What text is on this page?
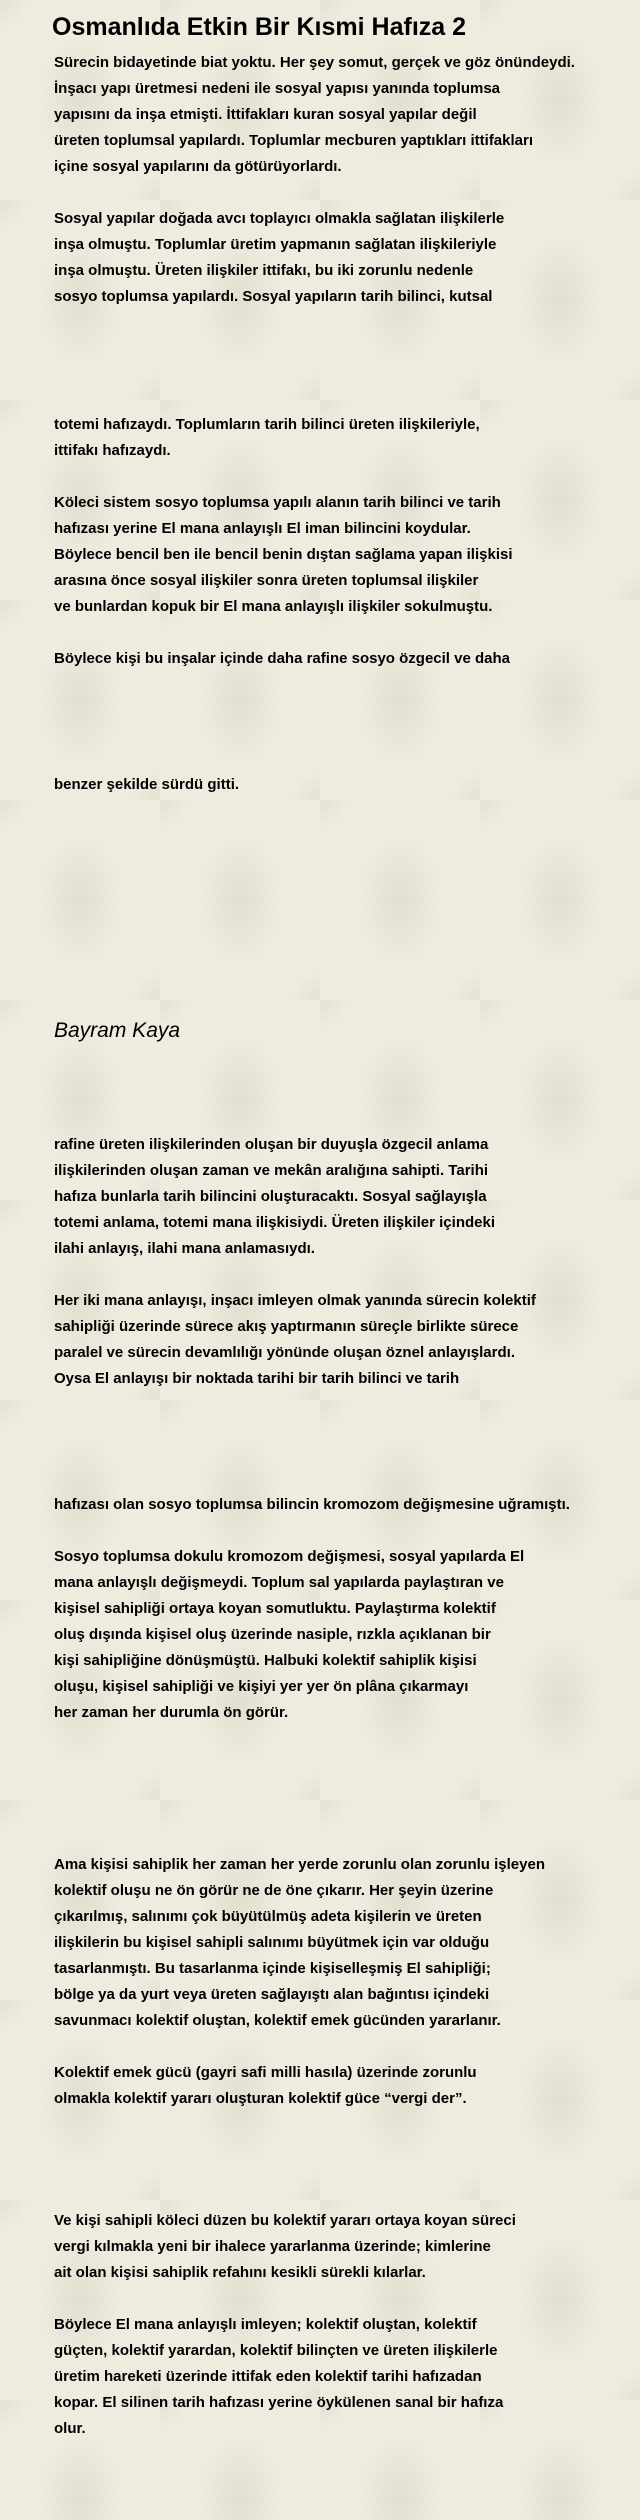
Osmanlıda Etkin Bir Kısmi Hafıza 2
Sürecin bidayetinde biat yoktu. Her şey somut, gerçek ve göz önündeydi.
İnşacı yapı üretmesi nedeni ile sosyal yapısı yanında toplumsa
yapısını da inşa etmişti. İttifakları kuran sosyal yapılar değil
üreten toplumsal yapılardı. Toplumlar mecburen yaptıkları ittifakları
içine sosyal yapılarını da götürüyorlardı.
Sosyal yapılar doğada avcı toplayıcı olmakla sağlatan ilişkilerle
inşa olmuştu. Toplumlar üretim yapmanın sağlatan ilişkileriyle
inşa olmuştu. Üreten ilişkiler ittifakı, bu iki zorunlu nedenle
sosyo toplumsa yapılardı. Sosyal yapıların tarih bilinci, kutsal
totemi hafızaydı. Toplumların tarih bilinci üreten ilişkileriyle,
ittifakı hafızaydı.
Köleci sistem sosyo toplumsa yapılı alanın tarih bilinci ve tarih
hafızası yerine El mana anlayışlı El iman bilincini koydular.
Böylece bencil ben ile bencil benin dıştan sağlama yapan ilişkisi
arasına önce sosyal ilişkiler sonra üreten toplumsal ilişkiler
ve bunlardan kopuk bir El mana anlayışlı ilişkiler sokulmuştu.
Böylece kişi bu inşalar içinde daha rafine sosyo özgecil ve daha
benzer şekilde sürdü gitti.
Bayram Kaya
rafine üreten ilişkilerinden oluşan bir duyuşla özgecil anlama
ilişkilerinden oluşan zaman ve mekân aralığına sahipti. Tarihi
hafıza bunlarla tarih bilincini oluşturacaktı. Sosyal sağlayışla
totemi anlama, totemi mana ilişkisiydi. Üreten ilişkiler içindeki
ilahi anlayış, ilahi mana anlamasıydı.
Her iki mana anlayışı, inşacı imleyen olmak yanında sürecin kolektif
sahipliği üzerinde sürece akış yaptırmanın süreçle birlikte sürece
paralel ve sürecin devamlılığı yönünde oluşan öznel anlayışlardı.
Oysa El anlayışı bir noktada tarihi bir tarih bilinci ve tarih
hafızası olan sosyo toplumsa bilincin kromozom değişmesine uğramıştı.
Sosyo toplumsa dokulu kromozom değişmesi, sosyal yapılarda El
mana anlayışlı değişmeydi. Toplum sal yapılarda paylaştıran ve
kişisel sahipliği ortaya koyan somutluktu. Paylaştırma kolektif
oluş dışında kişisel oluş üzerinde nasiple, rızkla açıklanan bir
kişi sahipliğine dönüşmüştü. Halbuki kolektif sahiplik kişisi
oluşu, kişisel sahipliği ve kişiyi yer yer ön plâna çıkarmayı
her zaman her durumla ön görür.
Ama kişisi sahiplik her zaman her yerde zorunlu olan zorunlu işleyen
kolektif oluşu ne ön görür ne de öne çıkarır. Her şeyin üzerine
çıkarılmış, salınımı çok büyütülmüş adeta kişilerin ve üreten
ilişkilerin bu kişisel sahipli salınımı büyütmek için var olduğu
tasarlanmıştı. Bu tasarlanma içinde kişiselleşmiş El sahipliği;
bölge ya da yurt veya üreten sağlayıştı alan bağıntısı içindeki
savunmacı kolektif oluştan, kolektif emek gücünden yararlanır.
Kolektif emek gücü (gayri safi milli hasıla) üzerinde zorunlu
olmakla kolektif yararı oluşturan kolektif güce “vergi der”.
Ve kişi sahipli köleci düzen bu kolektif yararı ortaya koyan süreci
vergi kılmakla yeni bir ihalece yararlanma üzerinde; kimlerine
ait olan kişisi sahiplik refahını kesikli sürekli kılarlar.
Böylece El mana anlayışlı imleyen; kolektif oluştan, kolektif
güçten, kolektif yarardan, kolektif bilinçten ve üreten ilişkilerle
üretim hareketi üzerinde ittifak eden kolektif tarihi hafızadan
kopar. El silinen tarih hafızası yerine öykülenen sanal bir hafıza
olur.
